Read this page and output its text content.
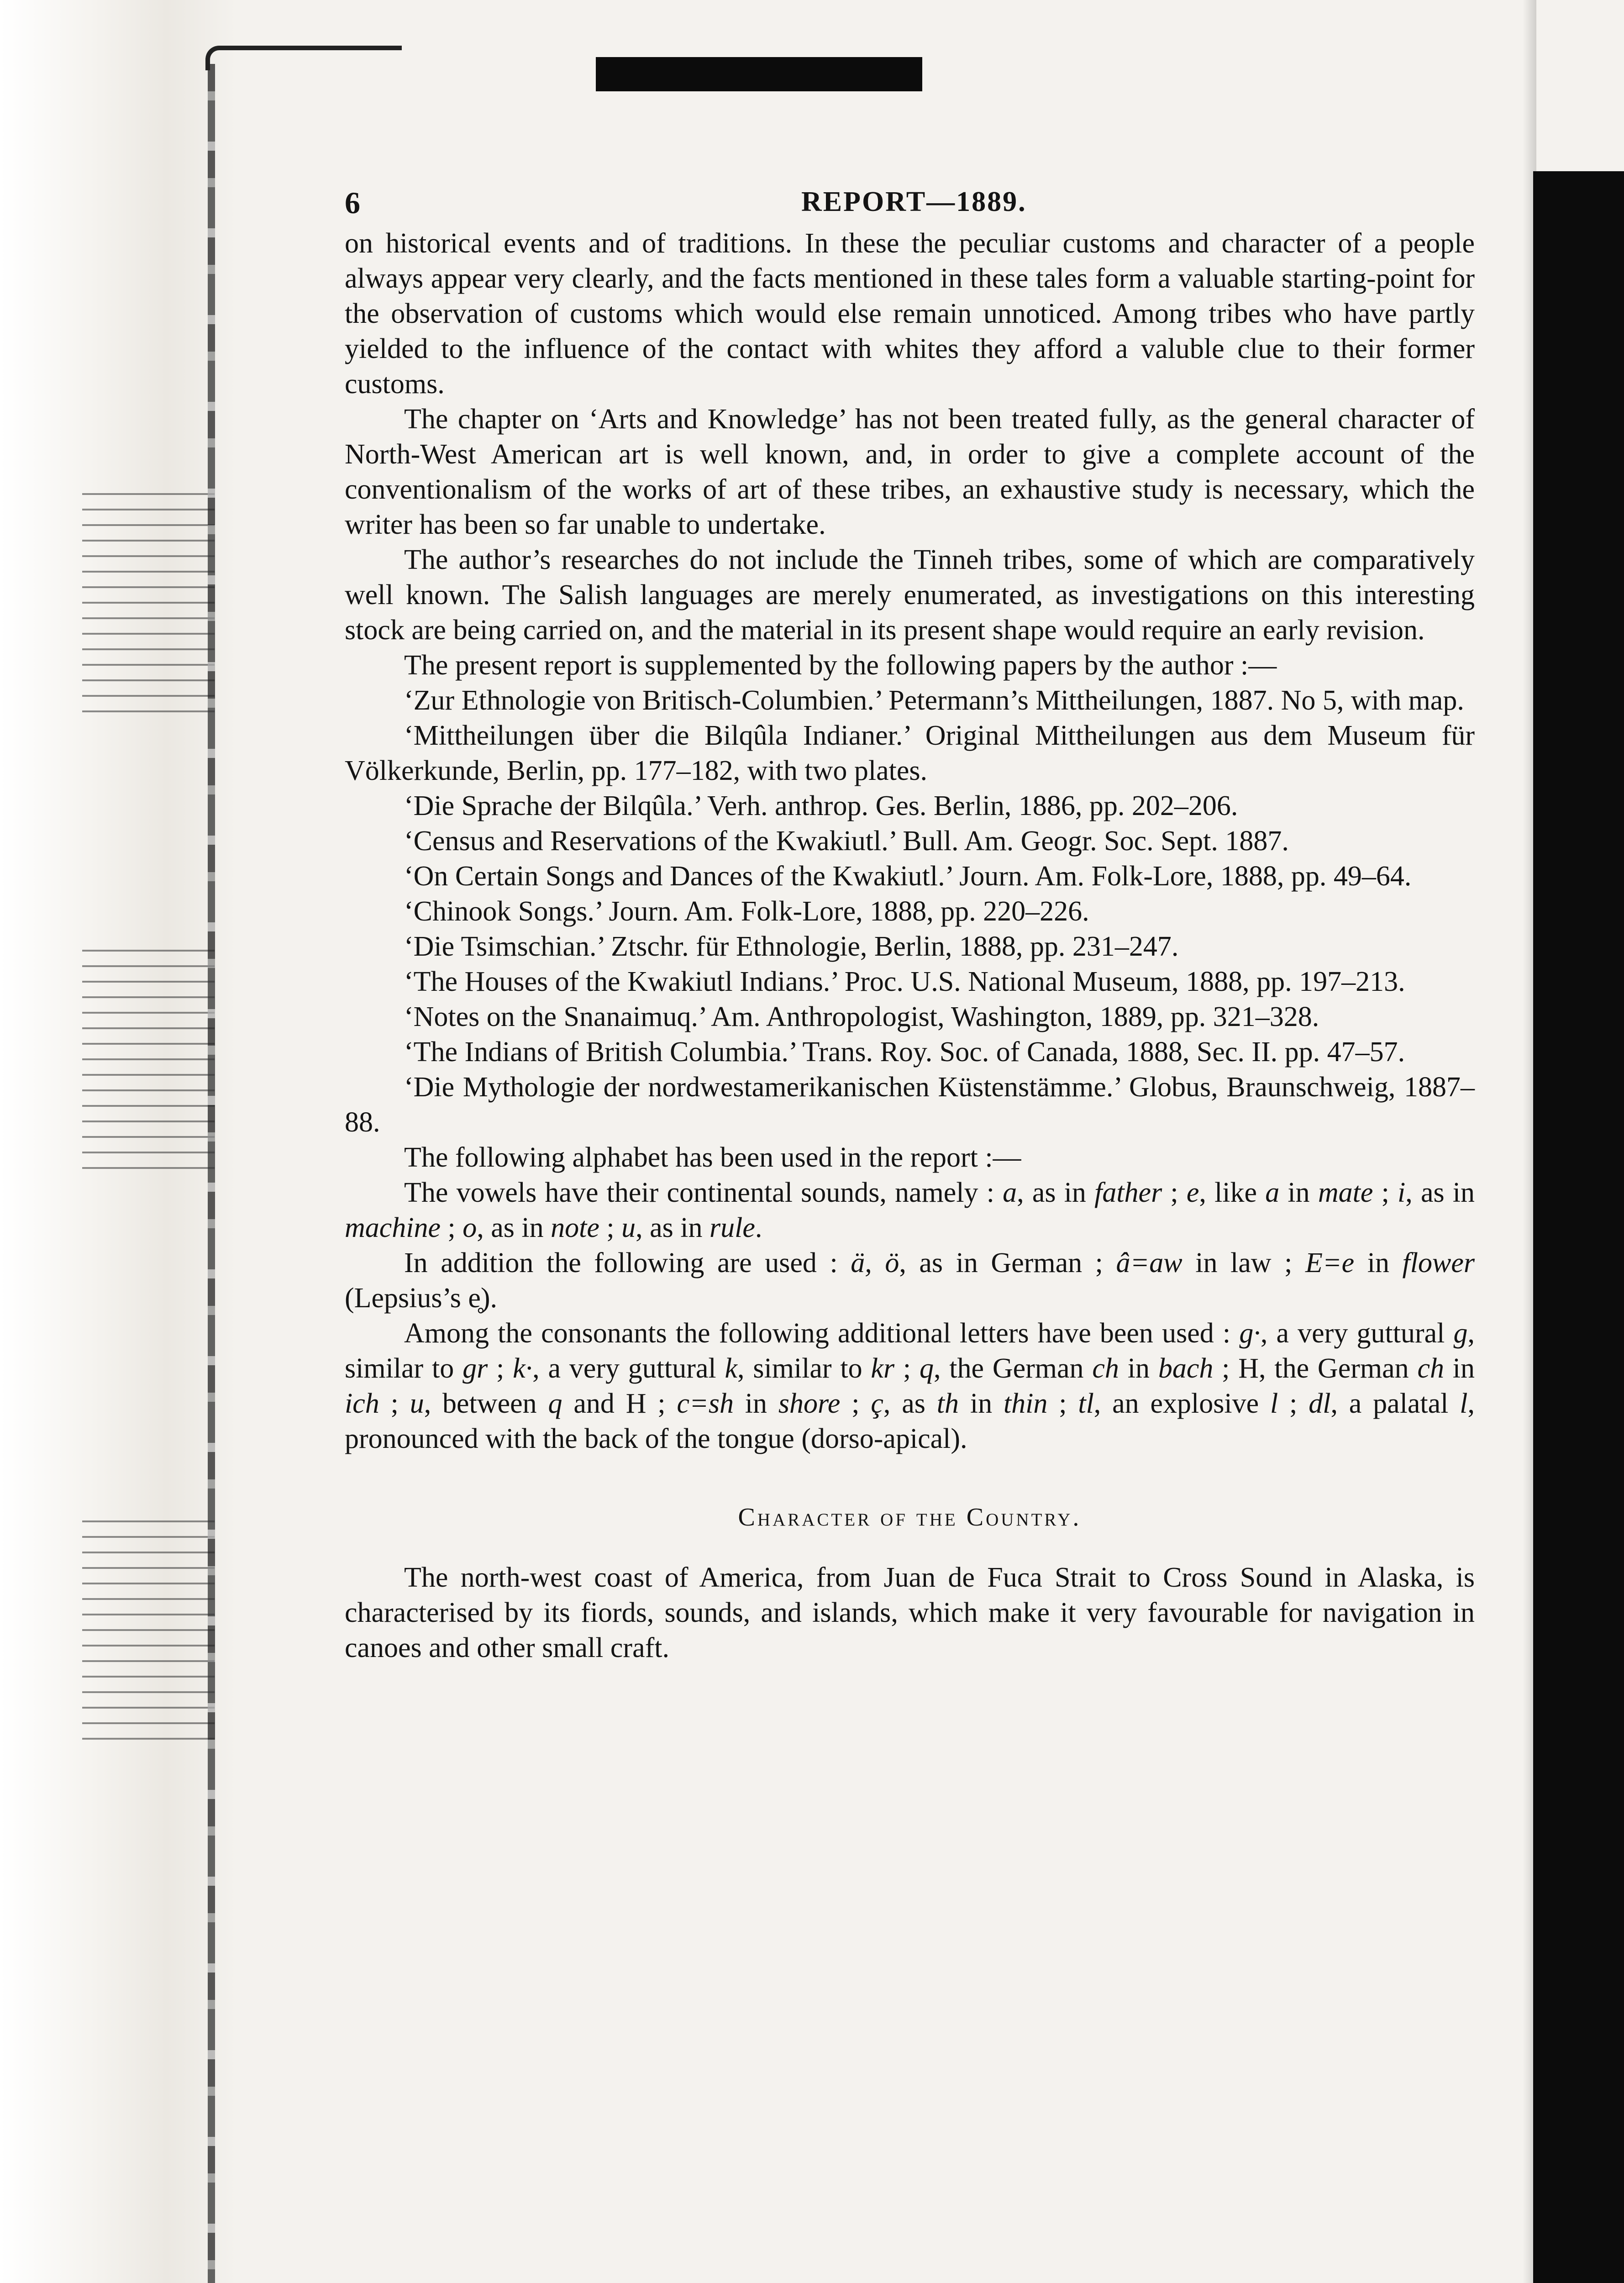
6	REPORT—1889.

on historical events and of traditions. In these the peculiar customs and character of a people always appear very clearly, and the facts mentioned in these tales form a valuable starting-point for the observation of customs which would else remain unnoticed. Among tribes who have partly yielded to the influence of the contact with whites they afford a valuble clue to their former customs.

The chapter on ‘Arts and Knowledge’ has not been treated fully, as the general character of North-West American art is well known, and, in order to give a complete account of the conventionalism of the works of art of these tribes, an exhaustive study is necessary, which the writer has been so far unable to undertake.

The author’s researches do not include the Tinneh tribes, some of which are comparatively well known. The Salish languages are merely enumerated, as investigations on this interesting stock are being carried on, and the material in its present shape would require an early revision.

The present report is supplemented by the following papers by the author :—

‘Zur Ethnologie von Britisch-Columbien.’ Petermann’s Mittheilungen, 1887. No 5, with map.

‘Mittheilungen über die Bilqûla Indianer.’ Original Mittheilungen aus dem Museum für Völkerkunde, Berlin, pp. 177–182, with two plates.

‘Die Sprache der Bilqûla.’ Verh. anthrop. Ges. Berlin, 1886, pp. 202–206.

‘Census and Reservations of the Kwakiutl.’ Bull. Am. Geogr. Soc. Sept. 1887.

‘On Certain Songs and Dances of the Kwakiutl.’ Journ. Am. Folk-Lore, 1888, pp. 49–64.

‘Chinook Songs.’ Journ. Am. Folk-Lore, 1888, pp. 220–226.

‘Die Tsimschian.’ Ztschr. für Ethnologie, Berlin, 1888, pp. 231–247.

‘The Houses of the Kwakiutl Indians.’ Proc. U.S. National Museum, 1888, pp. 197–213.

‘Notes on the Snanaimuq.’ Am. Anthropologist, Washington, 1889, pp. 321–328.

‘The Indians of British Columbia.’ Trans. Roy. Soc. of Canada, 1888, Sec. II. pp. 47–57.

‘Die Mythologie der nordwestamerikanischen Küstenstämme.’ Globus, Braunschweig, 1887–88.

The following alphabet has been used in the report :—

The vowels have their continental sounds, namely : a, as in father ; e, like a in mate ; i, as in machine ; o, as in note ; u, as in rule.

In addition the following are used : ä, ö, as in German ; â=aw in law ; E=e in flower (Lepsius’s e̥).

Among the consonants the following additional letters have been used : g·, a very guttural g, similar to gr ; k·, a very guttural k, similar to kr ; q, the German ch in bach ; H, the German ch in ich ; u, between q and H ; c=sh in shore ; ç, as th in thin ; tl, an explosive l ; dl, a palatal l, pronounced with the back of the tongue (dorso-apical).

Character of the Country.

The north-west coast of America, from Juan de Fuca Strait to Cross Sound in Alaska, is characterised by its fiords, sounds, and islands, which make it very favourable for navigation in canoes and other small craft.
